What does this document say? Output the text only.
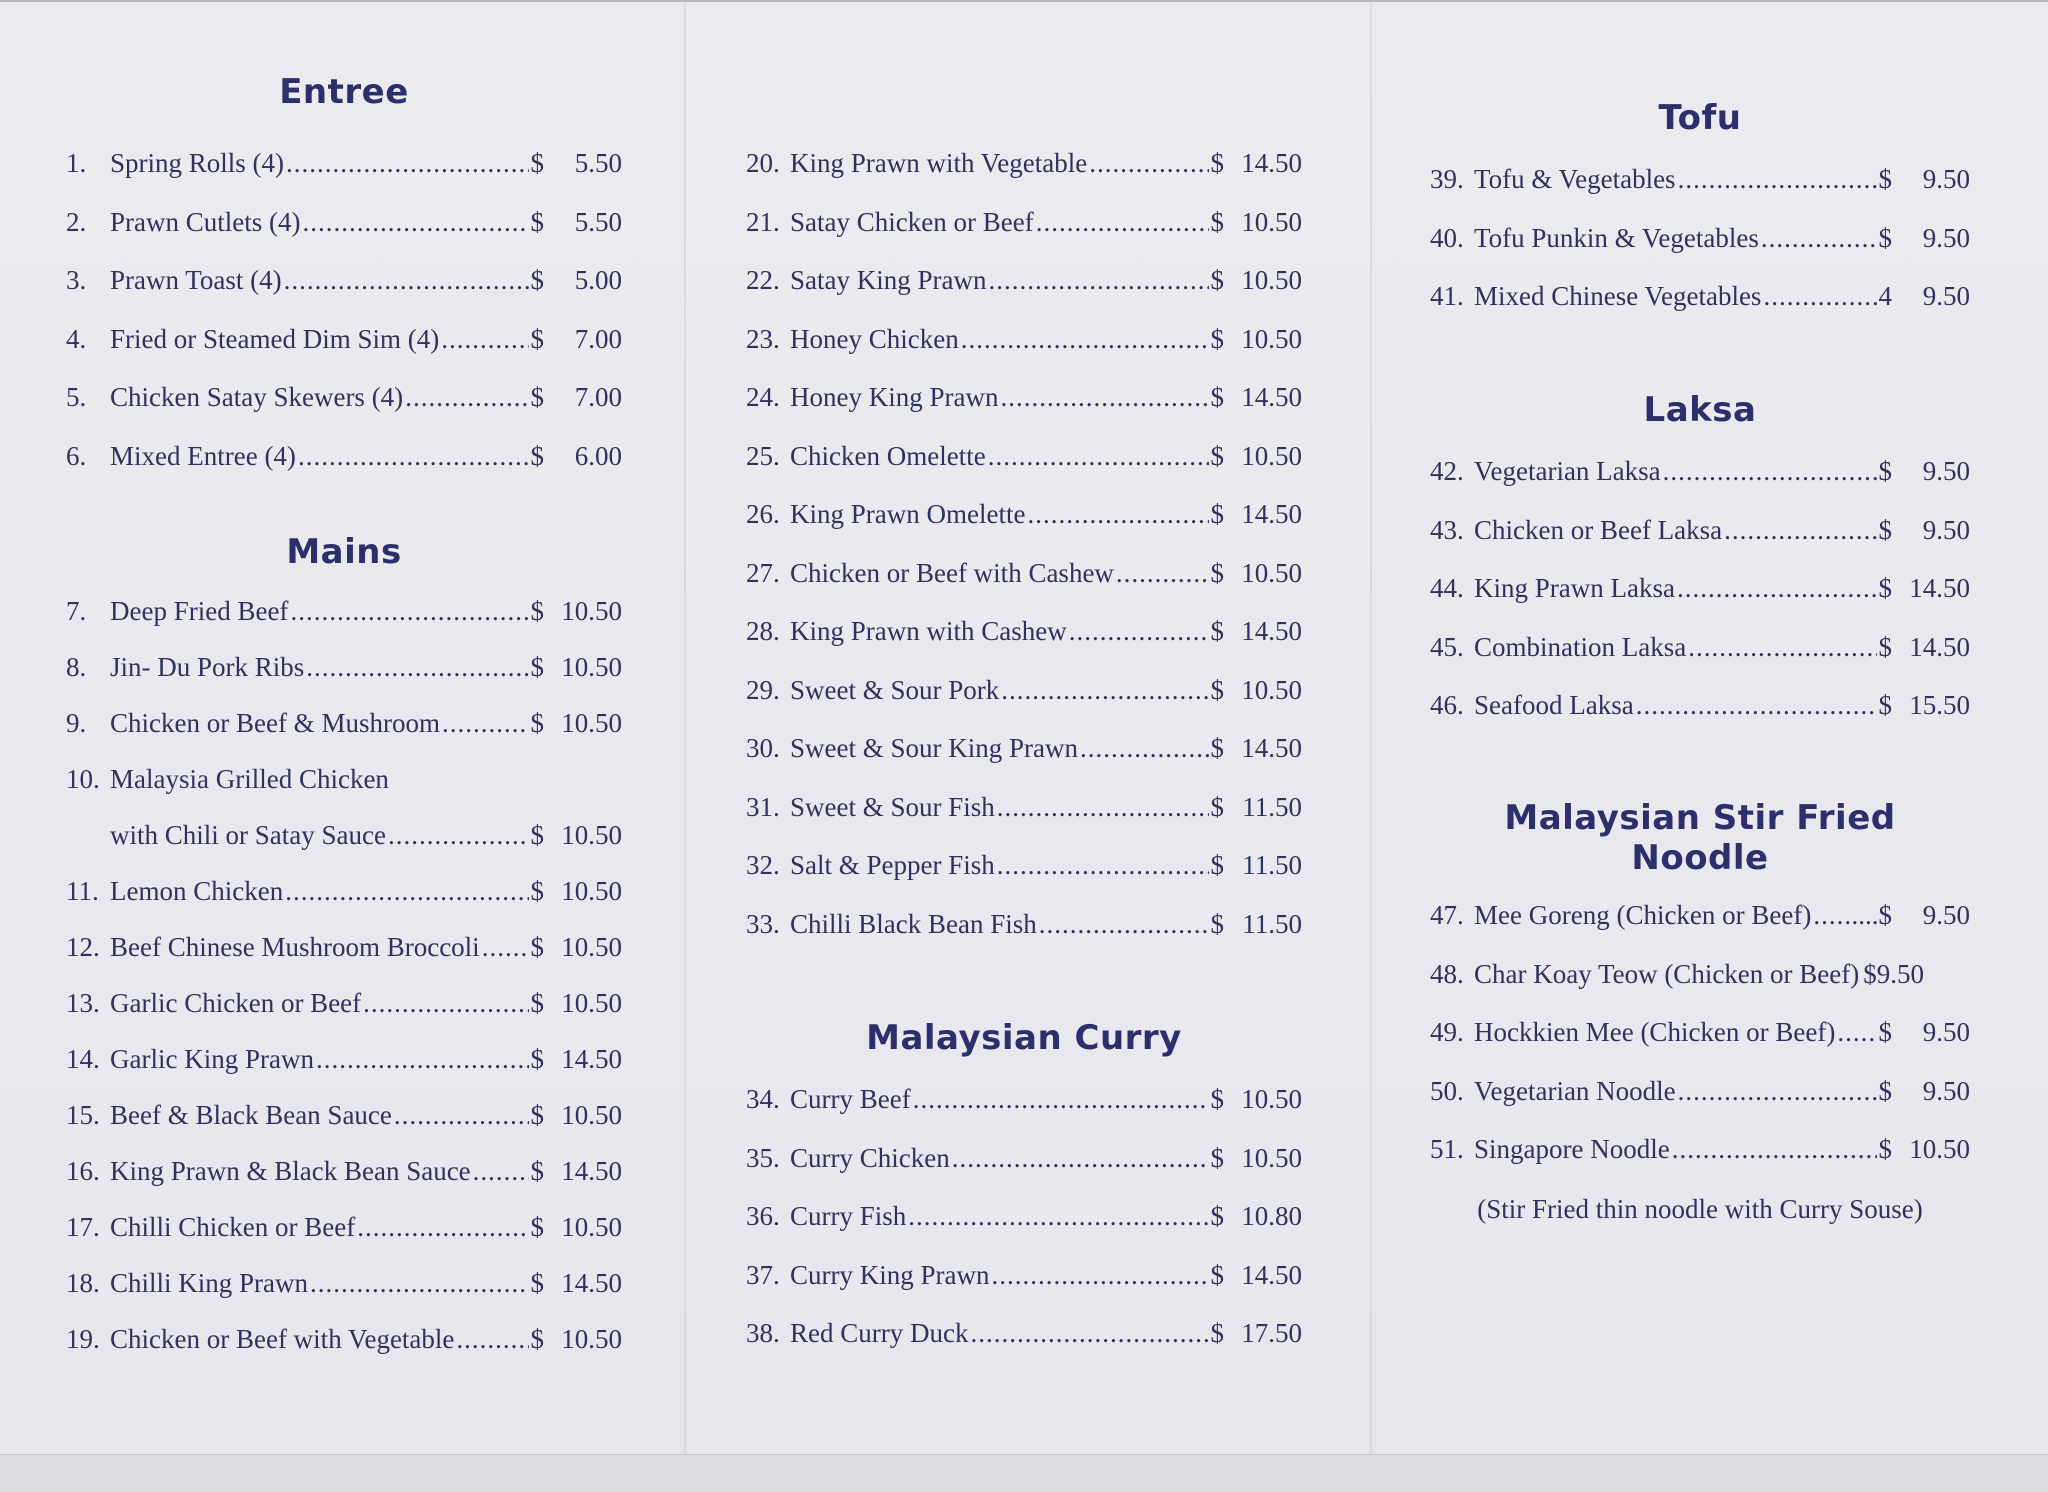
Entree
1. Spring Rolls (4) .....	$	5.50
2. Prawn Cutlets (4) .....	$	5.50
3. Prawn Toast (4) .....	$	5.00
4. Fried or Steamed Dim Sim (4) .....	$	7.00
5. Chicken Satay Skewers (4) .....	$	7.00
6. Mixed Entree (4) .....	$	6.00
Mains
7. Deep Fried Beef .....	$ 10.50
8. Jin- Du Pork Ribs .....	$ 10.50
9. Chicken or Beef & Mushroom .....	$ 10.50
10. Malaysia Grilled Chicken
with Chili or Satay Sauce .....	$ 10.50
11. Lemon Chicken .....	$ 10.50
12. Beef Chinese Mushroom Broccoli ..... $ 10.50
13. Garlic Chicken or Beef .....	$ 10.50
14. Garlic King Prawn .....	$ 14.50
15. Beef & Black Bean Sauce .....	$ 10.50
16. King Prawn & Black Bean Sauce ..... $ 14.50
17. Chilli Chicken or Beef .....	$ 10.50
18. Chilli King Prawn .....	$ 14.50
19. Chicken or Beef with Vegetable .....	$ 10.50
20. King Prawn with Vegetable .....	$ 14.50
21. Satay Chicken or Beef .....	$ 10.50
22. Satay King Prawn .....	$ 10.50
23. Honey Chicken .....	$ 10.50
24. Honey King Prawn .....	$ 14.50
25. Chicken Omelette .....	$ 10.50
26. King Prawn Omelette .....	$ 14.50
27. Chicken or Beef with Cashew .....	$ 10.50
28. King Prawn with Cashew .....	$ 14.50
29. Sweet & Sour Pork .....	$ 10.50
30. Sweet & Sour King Prawn .....	$ 14.50
31. Sweet & Sour Fish .....	$ 11.50
32. Salt & Pepper Fish .....	$ 11.50
33. Chilli Black Bean Fish .....	$ 11.50
Malaysian Curry
34. Curry Beef .....	$ 10.50
35. Curry Chicken .....	$ 10.50
36. Curry Fish .....	$ 10.80
37. Curry King Prawn .....	$ 14.50
38. Red Curry Duck .....	$ 17.50
Tofu
39. Tofu & Vegetables .....	$	9.50
40. Tofu Punkin & Vegetables .....	$	9.50
41. Mixed Chinese Vegetables .....	4	9.50
Laksa
42. Vegetarian Laksa .....	$	9.50
43. Chicken or Beef Laksa .....	$	9.50
44. King Prawn Laksa .....	$ 14.50
45. Combination Laksa .....	$ 14.50
46. Seafood Laksa .....	$ 15.50
Malaysian Stir Fried Noodle
47. Mee Goreng (Chicken or Beef) ..... ....$	9.50
48. Char Koay Teow (Chicken or Beef) $9.50
49. Hockkien Mee (Chicken or Beef) ..... $	9.50
50. Vegetarian Noodle .....	$	9.50
51. Singapore Noodle .....	$ 10.50
(Stir Fried thin noodle with Curry Souse)
